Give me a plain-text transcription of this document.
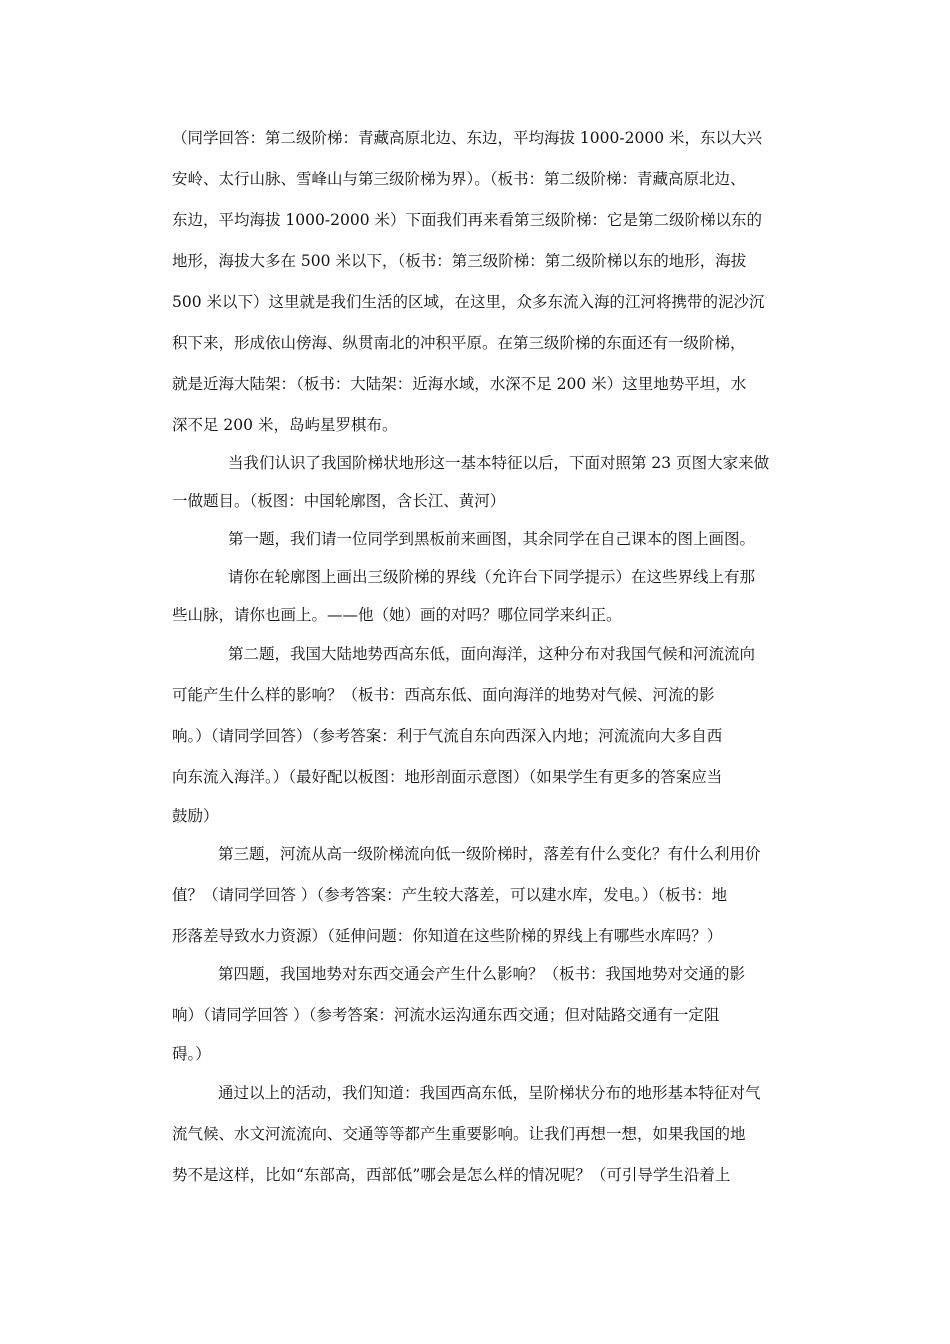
（同学回答：第二级阶梯：青藏高原北边、东边，平均海拔 1000-2000 米，东以大兴
安岭、太行山脉、雪峰山与第三级阶梯为界）。（板书：第二级阶梯：青藏高原北边、
东边，平均海拔 1000-2000 米）下面我们再来看第三级阶梯：它是第二级阶梯以东的
地形，海拔大多在 500 米以下，（板书：第三级阶梯：第二级阶梯以东的地形，海拔
500 米以下）这里就是我们生活的区域，在这里，众多东流入海的江河将携带的泥沙沉
积下来，形成依山傍海、纵贯南北的冲积平原。在第三级阶梯的东面还有一级阶梯，
就是近海大陆架：（板书：大陆架：近海水域，水深不足 200 米）这里地势平坦，水
深不足 200 米，岛屿星罗棋布。
当我们认识了我国阶梯状地形这一基本特征以后，下面对照第 23 页图大家来做
一做题目。（板图：中国轮廓图，含长江、黄河）
第一题，我们请一位同学到黑板前来画图，其余同学在自己课本的图上画图。
请你在轮廓图上画出三级阶梯的界线（允许台下同学提示）在这些界线上有那
些山脉，请你也画上。——他（她）画的对吗？哪位同学来纠正。
第二题，我国大陆地势西高东低，面向海洋，这种分布对我国气候和河流流向
可能产生什么样的影响？（板书：西高东低、面向海洋的地势对气候、河流的影
响。）（请同学回答）（参考答案：利于气流自东向西深入内地；河流流向大多自西
向东流入海洋。）（最好配以板图：地形剖面示意图）（如果学生有更多的答案应当
鼓励）
第三题，河流从高一级阶梯流向低一级阶梯时，落差有什么变化？有什么利用价
值？（请同学回答 ）（参考答案：产生较大落差，可以建水库，发电。）（板书：地
形落差导致水力资源）（延伸问题：你知道在这些阶梯的界线上有哪些水库吗？）
第四题，我国地势对东西交通会产生什么影响？（板书：我国地势对交通的影
响）（请同学回答 ）（参考答案：河流水运沟通东西交通；但对陆路交通有一定阻
碍。）
通过以上的活动，我们知道：我国西高东低，呈阶梯状分布的地形基本特征对气
流气候、水文河流流向、交通等等都产生重要影响。让我们再想一想，如果我国的地
势不是这样，比如“东部高，西部低”哪会是怎么样的情况呢？（可引导学生沿着上
